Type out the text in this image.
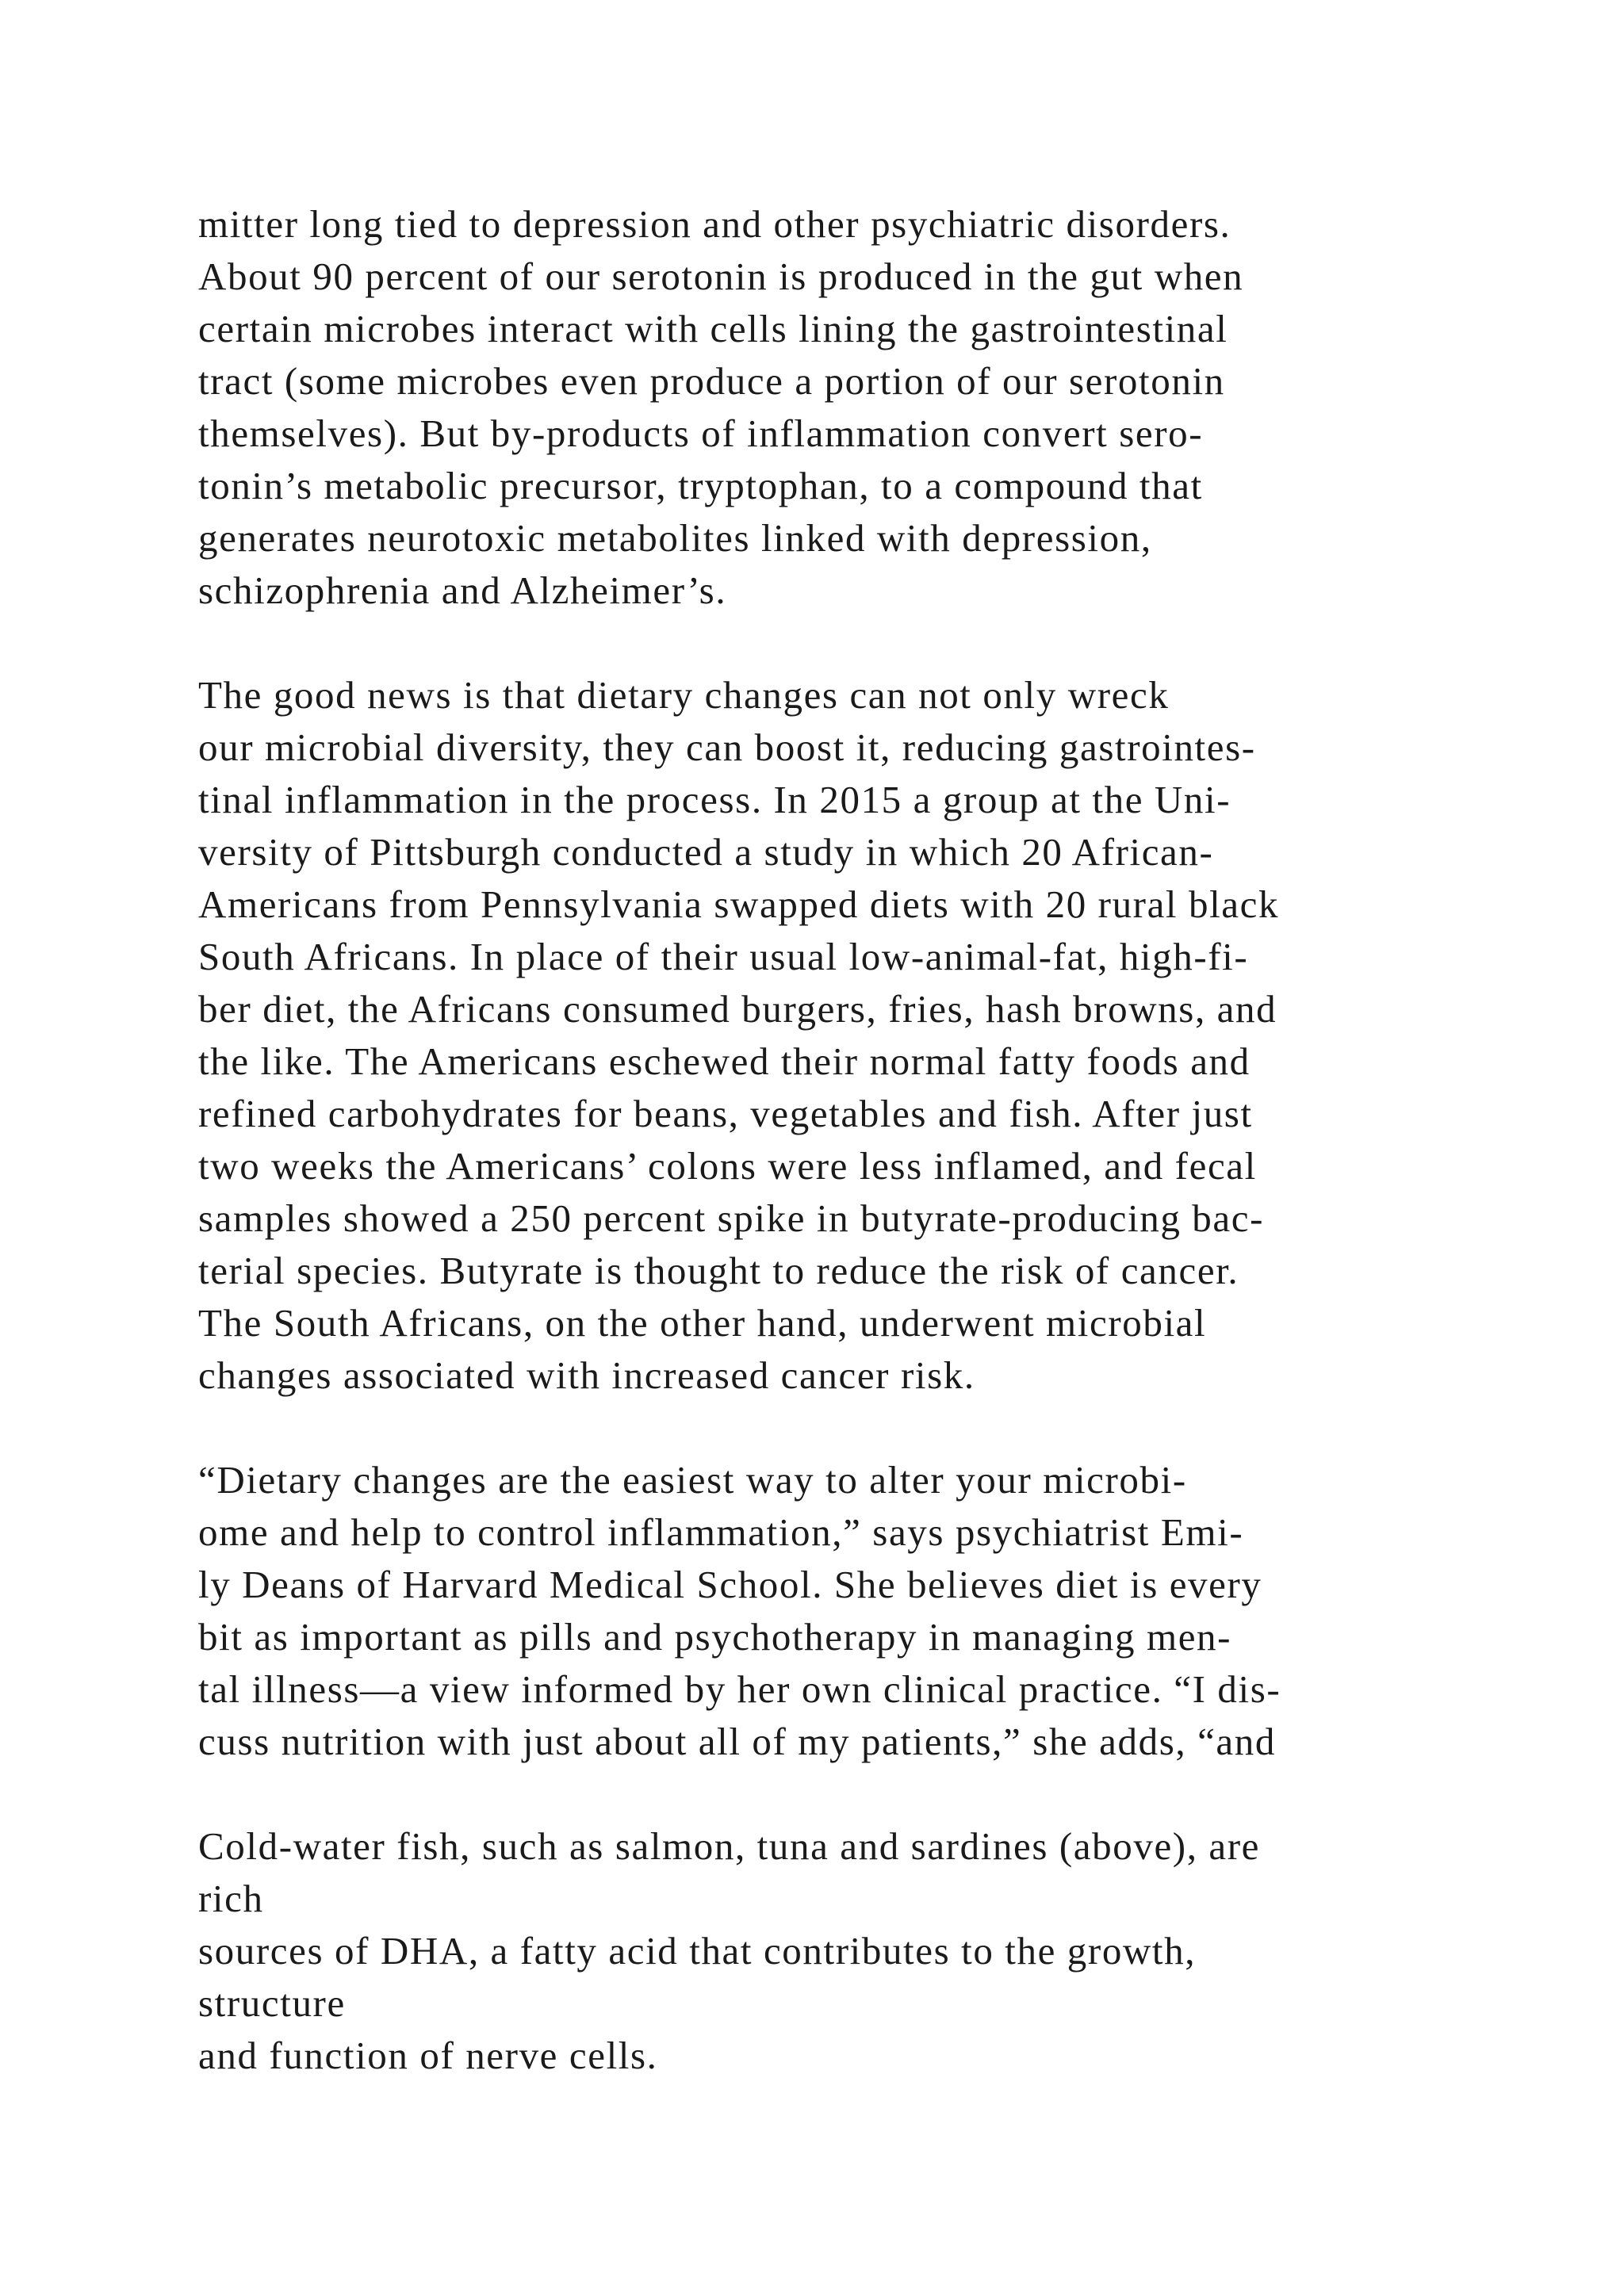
mitter long tied to depression and other psychiatric disorders.
About 90 percent of our serotonin is produced in the gut when
certain microbes interact with cells lining the gastrointestinal
tract (some microbes even produce a portion of our serotonin
themselves). But by-products of inflammation convert sero-
tonin’s metabolic precursor, tryptophan, to a compound that
generates neurotoxic metabolites linked with depression,
schizophrenia and Alzheimer’s.

The good news is that dietary changes can not only wreck
our microbial diversity, they can boost it, reducing gastrointes-
tinal inflammation in the process. In 2015 a group at the Uni-
versity of Pittsburgh conducted a study in which 20 African-
Americans from Pennsylvania swapped diets with 20 rural black
South Africans. In place of their usual low-animal-fat, high-fi-
ber diet, the Africans consumed burgers, fries, hash browns, and
the like. The Americans eschewed their normal fatty foods and
refined carbohydrates for beans, vegetables and fish. After just
two weeks the Americans’ colons were less inflamed, and fecal
samples showed a 250 percent spike in butyrate-producing bac-
terial species. Butyrate is thought to reduce the risk of cancer.
The South Africans, on the other hand, underwent microbial
changes associated with increased cancer risk.

“Dietary changes are the easiest way to alter your microbi-
ome and help to control inflammation,” says psychiatrist Emi-
ly Deans of Harvard Medical School. She believes diet is every
bit as important as pills and psychotherapy in managing men-
tal illness—a view informed by her own clinical practice. “I dis-
cuss nutrition with just about all of my patients,” she adds, “and

Cold-water fish, such as salmon, tuna and sardines (above), are
rich
sources of DHA, a fatty acid that contributes to the growth,
structure
and function of nerve cells.
